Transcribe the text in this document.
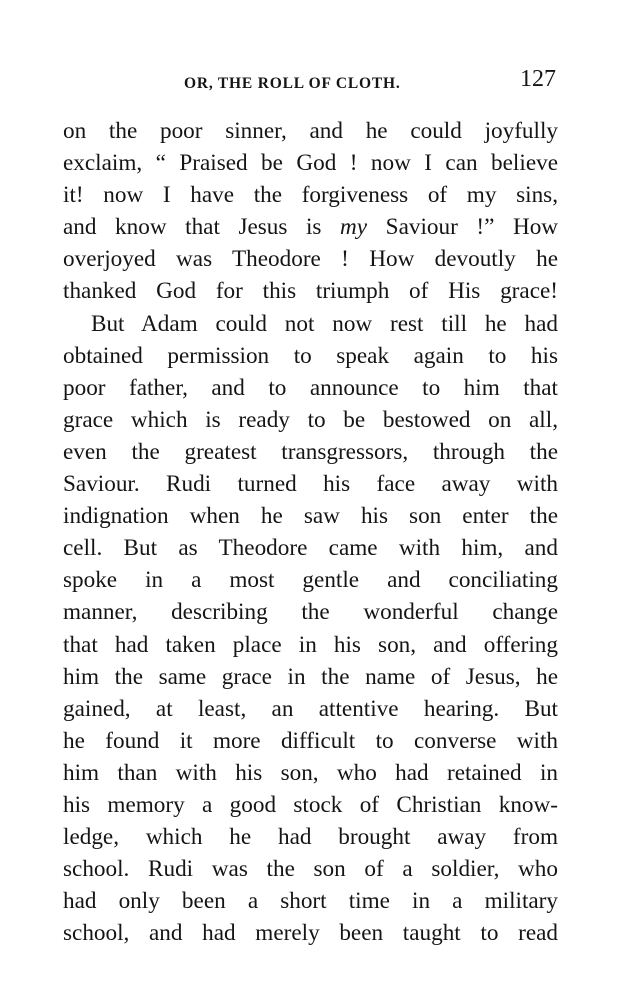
OR, THE ROLL OF CLOTH.	127
on the poor sinner, and he could joyfully
exclaim, “ Praised be God ! now I can believe
it! now I have the forgiveness of my sins,
and know that Jesus is my Saviour !” How
overjoyed was Theodore ! How devoutly he
thanked God for this triumph of His grace!
But Adam could not now rest till he had
obtained permission to speak again to his
poor father, and to announce to him that
grace which is ready to be bestowed on all,
even the greatest transgressors, through the
Saviour. Rudi turned his face away with
indignation when he saw his son enter the
cell. But as Theodore came with him, and
spoke in a most gentle and conciliating
manner, describing the wonderful change
that had taken place in his son, and offering
him the same grace in the name of Jesus, he
gained, at least, an attentive hearing. But
he found it more difficult to converse with
him than with his son, who had retained in
his memory a good stock of Christian know-
ledge, which he had brought away from
school. Rudi was the son of a soldier, who
had only been a short time in a military
school, and had merely been taught to read
